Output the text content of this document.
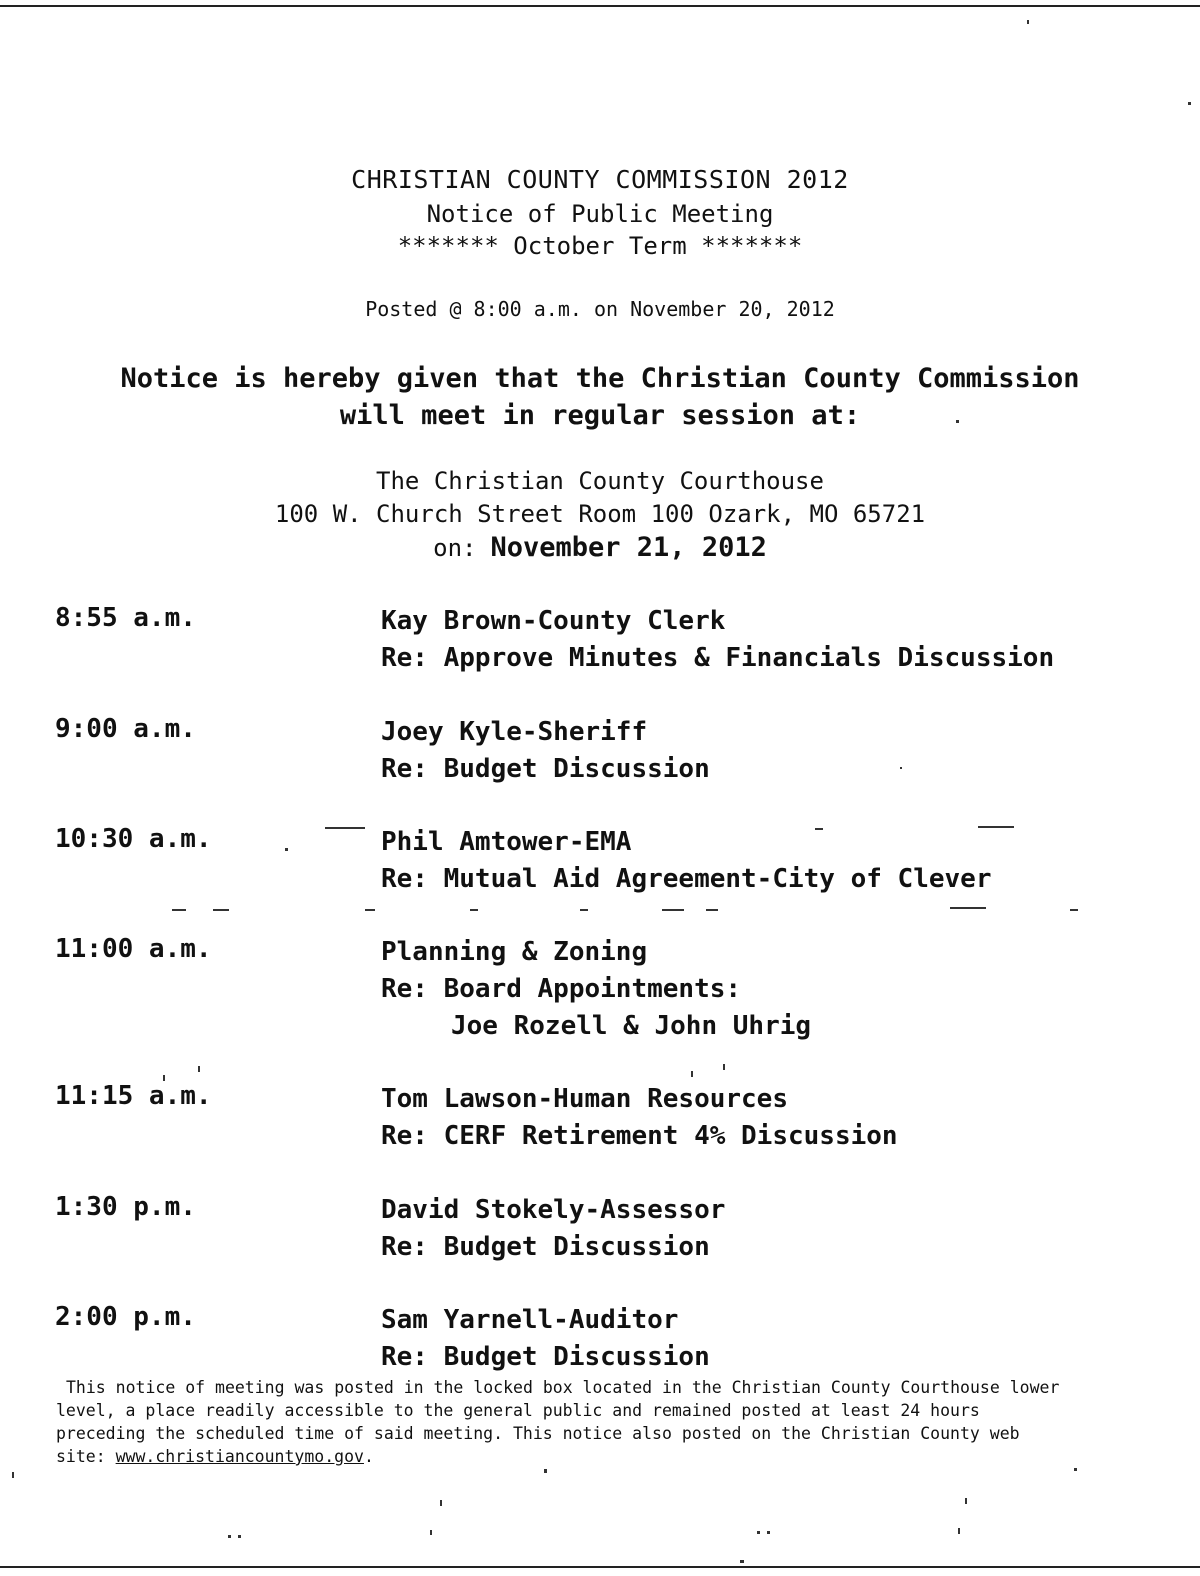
CHRISTIAN COUNTY COMMISSION 2012
Notice of Public Meeting
******* October Term *******
Posted @ 8:00 a.m. on November 20, 2012
Notice is hereby given that the Christian County Commission
will meet in regular session at:
The Christian County Courthouse
100 W. Church Street Room 100 Ozark, MO 65721
on: November 21, 2012
8:55 a.m.	Kay Brown-County Clerk
Re: Approve Minutes & Financials Discussion
9:00 a.m.	Joey Kyle-Sheriff
Re: Budget Discussion
10:30 a.m.	Phil Amtower-EMA
Re: Mutual Aid Agreement-City of Clever
11:00 a.m.	Planning & Zoning
Re: Board Appointments:
Joe Rozell & John Uhrig
11:15 a.m.	Tom Lawson-Human Resources
Re: CERF Retirement 4% Discussion
1:30 p.m.	David Stokely-Assessor
Re: Budget Discussion
2:00 p.m.	Sam Yarnell-Auditor
Re: Budget Discussion
This notice of meeting was posted in the locked box located in the Christian County Courthouse lower
level, a place readily accessible to the general public and remained posted at least 24 hours
preceding the scheduled time of said meeting. This notice also posted on the Christian County web
site: www.christiancountymo.gov.
